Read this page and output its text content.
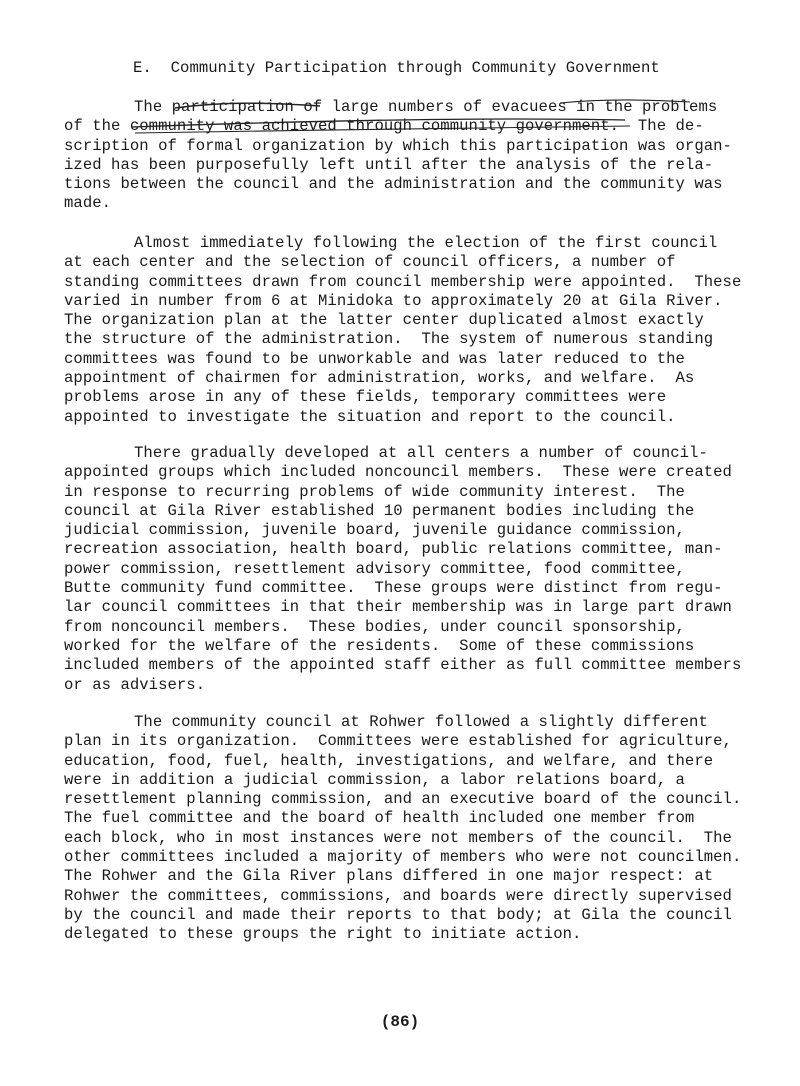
E.  Community Participation through Community Government
The participation of large numbers of evacuees in the problems
of the community was achieved through community government.  The de-
scription of formal organization by which this participation was organ-
ized has been purposefully left until after the analysis of the rela-
tions between the council and the administration and the community was
made.
Almost immediately following the election of the first council
at each center and the selection of council officers, a number of
standing committees drawn from council membership were appointed.  These
varied in number from 6 at Minidoka to approximately 20 at Gila River.
The organization plan at the latter center duplicated almost exactly
the structure of the administration.  The system of numerous standing
committees was found to be unworkable and was later reduced to the
appointment of chairmen for administration, works, and welfare.  As
problems arose in any of these fields, temporary committees were
appointed to investigate the situation and report to the council.
There gradually developed at all centers a number of council-
appointed groups which included noncouncil members.  These were created
in response to recurring problems of wide community interest.  The
council at Gila River established 10 permanent bodies including the
judicial commission, juvenile board, juvenile guidance commission,
recreation association, health board, public relations committee, man-
power commission, resettlement advisory committee, food committee,
Butte community fund committee.  These groups were distinct from regu-
lar council committees in that their membership was in large part drawn
from noncouncil members.  These bodies, under council sponsorship,
worked for the welfare of the residents.  Some of these commissions
included members of the appointed staff either as full committee members
or as advisers.
The community council at Rohwer followed a slightly different
plan in its organization.  Committees were established for agriculture,
education, food, fuel, health, investigations, and welfare, and there
were in addition a judicial commission, a labor relations board, a
resettlement planning commission, and an executive board of the council.
The fuel committee and the board of health included one member from
each block, who in most instances were not members of the council.  The
other committees included a majority of members who were not councilmen.
The Rohwer and the Gila River plans differed in one major respect: at
Rohwer the committees, commissions, and boards were directly supervised
by the council and made their reports to that body; at Gila the council
delegated to these groups the right to initiate action.
(86)
